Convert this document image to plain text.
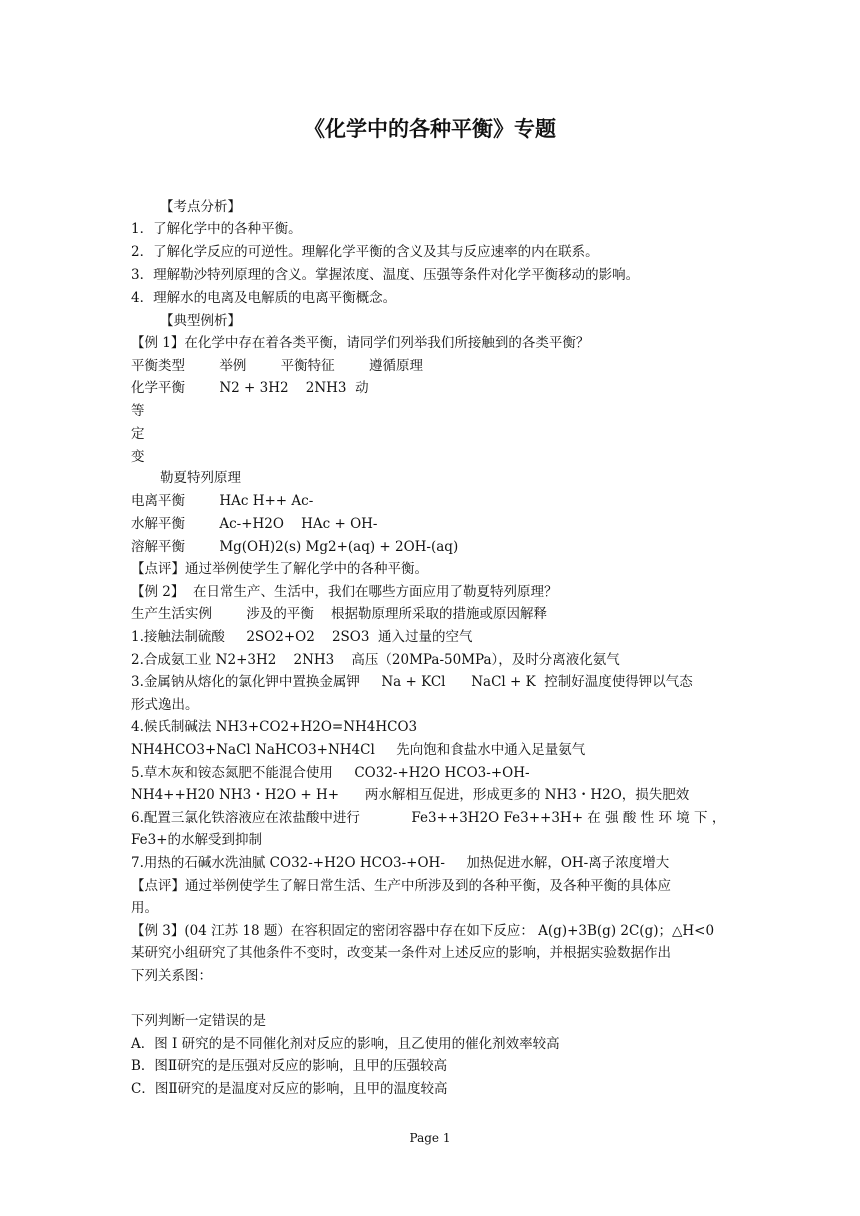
《化学中的各种平衡》专题
【考点分析】
1．了解化学中的各种平衡。
2．了解化学反应的可逆性。理解化学平衡的含义及其与反应速率的内在联系。
3．理解勒沙特列原理的含义。掌握浓度、温度、压强等条件对化学平衡移动的影响。
4．理解水的电离及电解质的电离平衡概念。
【典型例析】
【例 1】在化学中存在着各类平衡，请同学们列举我们所接触到的各类平衡？
平衡类型        举例        平衡特征        遵循原理
化学平衡        N2 + 3H2    2NH3  动
等
定
变
勒夏特列原理
电离平衡        HAc H++ Ac-
水解平衡        Ac-+H2O    HAc + OH-
溶解平衡        Mg(OH)2(s) Mg2+(aq) + 2OH-(aq)
【点评】通过举例使学生了解化学中的各种平衡。
【例 2】  在日常生产、生活中，我们在哪些方面应用了勒夏特列原理？
生产生活实例        涉及的平衡    根据勒原理所采取的措施或原因解释
1.接触法制硫酸     2SO2+O2    2SO3  通入过量的空气
2.合成氨工业 N2+3H2    2NH3    高压（20MPa-50MPa），及时分离液化氨气
3.金属钠从熔化的氯化钾中置换金属钾     Na + KCl      NaCl + K  控制好温度使得钾以气态
形式逸出。
4.候氏制碱法 NH3+CO2+H2O=NH4HCO3
NH4HCO3+NaCl NaHCO3+NH4Cl     先向饱和食盐水中通入足量氨气
5.草木灰和铵态氮肥不能混合使用     CO32-+H2O HCO3-+OH-
NH4++H20 NH3・H2O + H+      两水解相互促进，形成更多的 NH3・H2O，损失肥效
6.配置三氯化铁溶液应在浓盐酸中进行            Fe3++3H2O Fe3++3H+ 在 强 酸 性 环 境 下 ，
Fe3+的水解受到抑制
7.用热的石碱水洗油腻 CO32-+H2O HCO3-+OH-     加热促进水解，OH-离子浓度增大
【点评】通过举例使学生了解日常生活、生产中所涉及到的各种平衡，及各种平衡的具体应
用。
【例 3】(04 江苏 18 题）在容积固定的密闭容器中存在如下反应： A(g)+3B(g) 2C(g)；△H<0
某研究小组研究了其他条件不变时，改变某一条件对上述反应的影响，并根据实验数据作出
下列关系图：
下列判断一定错误的是
A．图 I 研究的是不同催化剂对反应的影响，且乙使用的催化剂效率较高
B．图Ⅱ研究的是压强对反应的影响，且甲的压强较高
C．图Ⅱ研究的是温度对反应的影响，且甲的温度较高
Page 1
